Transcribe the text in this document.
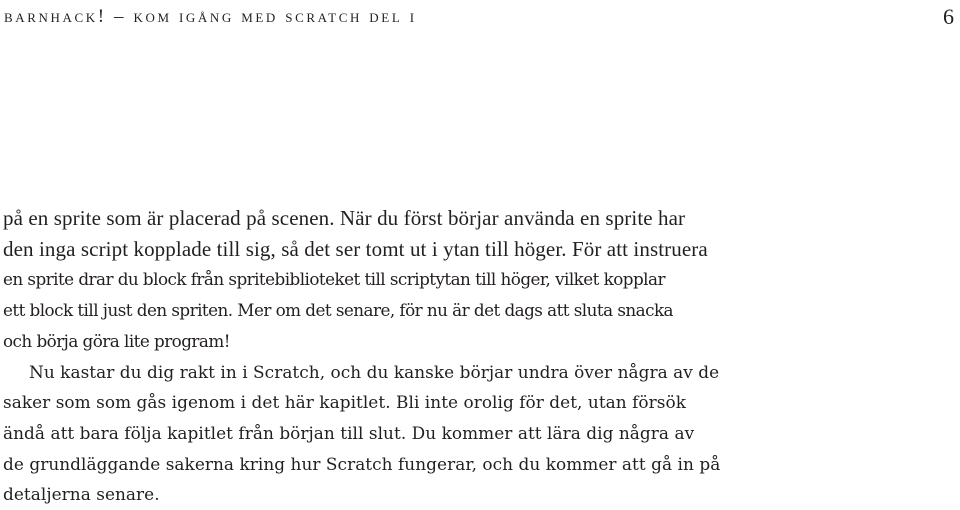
barnhack! – kom igång med scratch del i	6

på en sprite som är placerad på scenen. När du först börjar använda en sprite har
den inga script kopplade till sig, så det ser tomt ut i ytan till höger. För att instruera
en sprite drar du block från spritebiblioteket till scriptytan till höger, vilket kopplar
ett block till just den spriten. Mer om det senare, för nu är det dags att sluta snacka
och börja göra lite program!

Nu kastar du dig rakt in i Scratch, och du kanske börjar undra över några av de
saker som som gås igenom i det här kapitlet. Bli inte orolig för det, utan försök
ändå att bara följa kapitlet från början till slut. Du kommer att lära dig några av
de grundläggande sakerna kring hur Scratch fungerar, och du kommer att gå in på
detaljerna senare.
